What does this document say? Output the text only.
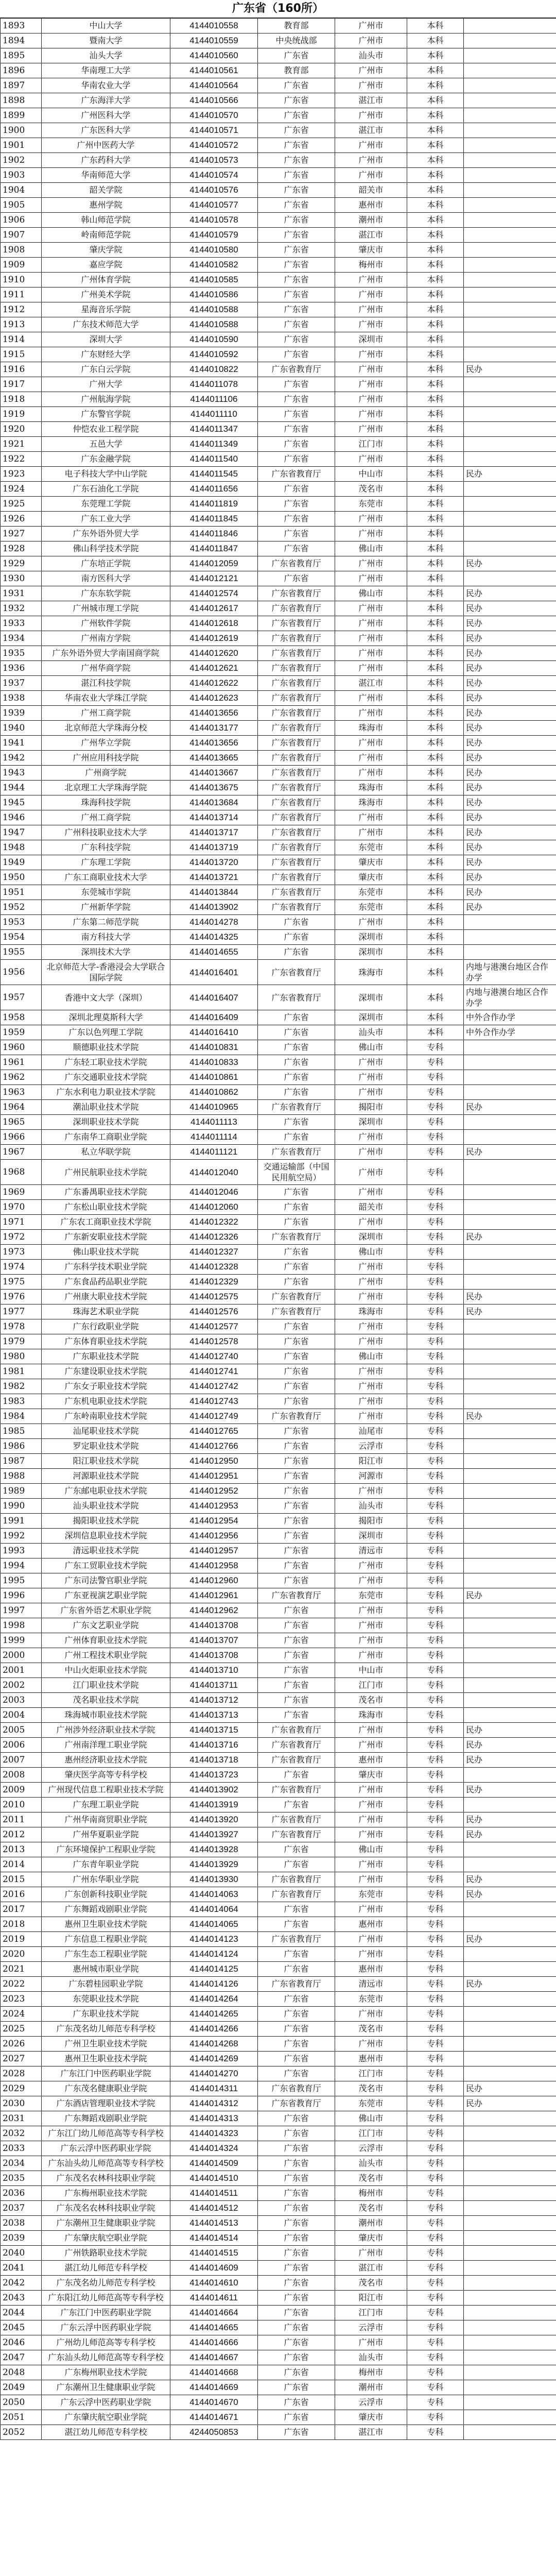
广东省（160所）
1893	中山大学	4144010558	教育部	广州市	本科	
1894	暨南大学	4144010559	中央统战部	广州市	本科	
1895	汕头大学	4144010560	广东省	汕头市	本科	
1896	华南理工大学	4144010561	教育部	广州市	本科	
1897	华南农业大学	4144010564	广东省	广州市	本科	
1898	广东海洋大学	4144010566	广东省	湛江市	本科	
1899	广州医科大学	4144010570	广东省	广州市	本科	
1900	广东医科大学	4144010571	广东省	湛江市	本科	
1901	广州中医药大学	4144010572	广东省	广州市	本科	
1902	广东药科大学	4144010573	广东省	广州市	本科	
1903	华南师范大学	4144010574	广东省	广州市	本科	
1904	韶关学院	4144010576	广东省	韶关市	本科	
1905	惠州学院	4144010577	广东省	惠州市	本科	
1906	韩山师范学院	4144010578	广东省	潮州市	本科	
1907	岭南师范学院	4144010579	广东省	湛江市	本科	
1908	肇庆学院	4144010580	广东省	肇庆市	本科	
1909	嘉应学院	4144010582	广东省	梅州市	本科	
1910	广州体育学院	4144010585	广东省	广州市	本科	
1911	广州美术学院	4144010586	广东省	广州市	本科	
1912	星海音乐学院	4144010588	广东省	广州市	本科	
1913	广东技术师范大学	4144010588	广东省	广州市	本科	
1914	深圳大学	4144010590	广东省	深圳市	本科	
1915	广东财经大学	4144010592	广东省	广州市	本科	
1916	广东白云学院	4144010822	广东省教育厅	广州市	本科	民办
1917	广州大学	4144011078	广东省	广州市	本科	
1918	广州航海学院	4144011106	广东省	广州市	本科	
1919	广东警官学院	4144011110	广东省	广州市	本科	
1920	仲恺农业工程学院	4144011347	广东省	广州市	本科	
1921	五邑大学	4144011349	广东省	江门市	本科	
1922	广东金融学院	4144011540	广东省	广州市	本科	
1923	电子科技大学中山学院	4144011545	广东省教育厅	中山市	本科	民办
1924	广东石油化工学院	4144011656	广东省	茂名市	本科	
1925	东莞理工学院	4144011819	广东省	东莞市	本科	
1926	广东工业大学	4144011845	广东省	广州市	本科	
1927	广东外语外贸大学	4144011846	广东省	广州市	本科	
1928	佛山科学技术学院	4144011847	广东省	佛山市	本科	
1929	广东培正学院	4144012059	广东省教育厅	广州市	本科	民办
1930	南方医科大学	4144012121	广东省	广州市	本科	
1931	广东东软学院	4144012574	广东省教育厅	佛山市	本科	民办
1932	广州城市理工学院	4144012617	广东省教育厅	广州市	本科	民办
1933	广州软件学院	4144012618	广东省教育厅	广州市	本科	民办
1934	广州南方学院	4144012619	广东省教育厅	广州市	本科	民办
1935	广东外语外贸大学南国商学院	4144012620	广东省教育厅	广州市	本科	民办
1936	广州华商学院	4144012621	广东省教育厅	广州市	本科	民办
1937	湛江科技学院	4144012622	广东省教育厅	湛江市	本科	民办
1938	华南农业大学珠江学院	4144012623	广东省教育厅	广州市	本科	民办
1939	广州工商学院	4144013656	广东省教育厅	广州市	本科	民办
1940	北京师范大学珠海分校	4144013177	广东省教育厅	珠海市	本科	民办
1941	广州华立学院	4144013656	广东省教育厅	广州市	本科	民办
1942	广州应用科技学院	4144013665	广东省教育厅	广州市	本科	民办
1943	广州商学院	4144013667	广东省教育厅	广州市	本科	民办
1944	北京理工大学珠海学院	4144013675	广东省教育厅	珠海市	本科	民办
1945	珠海科技学院	4144013684	广东省教育厅	珠海市	本科	民办
1946	广州工商学院	4144013714	广东省教育厅	广州市	本科	民办
1947	广州科技职业技术大学	4144013717	广东省教育厅	广州市	本科	民办
1948	广东科技学院	4144013719	广东省教育厅	东莞市	本科	民办
1949	广东理工学院	4144013720	广东省教育厅	肇庆市	本科	民办
1950	广东工商职业技术大学	4144013721	广东省教育厅	肇庆市	本科	民办
1951	东莞城市学院	4144013844	广东省教育厅	东莞市	本科	民办
1952	广州新华学院	4144013902	广东省教育厅	东莞市	本科	民办
1953	广东第二师范学院	4144014278	广东省	广州市	本科	
1954	南方科技大学	4144014325	广东省	深圳市	本科	
1955	深圳技术大学	4144014655	广东省	深圳市	本科	
1956	北京师范大学-香港浸会大学联合国际学院	4144016401	广东省教育厅	珠海市	本科	内地与港澳台地区合作办学
1957	香港中文大学（深圳）	4144016407	广东省教育厅	深圳市	本科	内地与港澳台地区合作办学
1958	深圳北理莫斯科大学	4144016409	广东省	深圳市	本科	中外合作办学
1959	广东以色列理工学院	4144016410	广东省	汕头市	本科	中外合作办学
1960	顺德职业技术学院	4144010831	广东省	佛山市	专科	
1961	广东轻工职业技术学院	4144010833	广东省	广州市	专科	
1962	广东交通职业技术学院	4144010861	广东省	广州市	专科	
1963	广东水利电力职业技术学院	4144010862	广东省	广州市	专科	
1964	潮汕职业技术学院	4144010965	广东省教育厅	揭阳市	专科	民办
1965	深圳职业技术学院	4144011113	广东省	深圳市	专科	
1966	广东南华工商职业学院	4144011114	广东省	广州市	专科	
1967	私立华联学院	4144011121	广东省教育厅	广州市	专科	民办
1968	广州民航职业技术学院	4144012040	交通运输部（中国民用航空局）	广州市	专科	
1969	广东番禺职业技术学院	4144012046	广东省	广州市	专科	
1970	广东松山职业技术学院	4144012060	广东省	韶关市	专科	
1971	广东农工商职业技术学院	4144012322	广东省	广州市	专科	
1972	广东新安职业技术学院	4144012326	广东省教育厅	深圳市	专科	民办
1973	佛山职业技术学院	4144012327	广东省	佛山市	专科	
1974	广东科学技术职业学院	4144012328	广东省	广州市	专科	
1975	广东食品药品职业学院	4144012329	广东省	广州市	专科	
1976	广州康大职业技术学院	4144012575	广东省教育厅	广州市	专科	民办
1977	珠海艺术职业学院	4144012576	广东省教育厅	珠海市	专科	民办
1978	广东行政职业学院	4144012577	广东省	广州市	专科	
1979	广东体育职业技术学院	4144012578	广东省	广州市	专科	
1980	广东职业技术学院	4144012740	广东省	佛山市	专科	
1981	广东建设职业技术学院	4144012741	广东省	广州市	专科	
1982	广东女子职业技术学院	4144012742	广东省	广州市	专科	
1983	广东机电职业技术学院	4144012743	广东省	广州市	专科	
1984	广东岭南职业技术学院	4144012749	广东省教育厅	广州市	专科	民办
1985	汕尾职业技术学院	4144012765	广东省	汕尾市	专科	
1986	罗定职业技术学院	4144012766	广东省	云浮市	专科	
1987	阳江职业技术学院	4144012950	广东省	阳江市	专科	
1988	河源职业技术学院	4144012951	广东省	河源市	专科	
1989	广东邮电职业技术学院	4144012952	广东省	广州市	专科	
1990	汕头职业技术学院	4144012953	广东省	汕头市	专科	
1991	揭阳职业技术学院	4144012954	广东省	揭阳市	专科	
1992	深圳信息职业技术学院	4144012956	广东省	深圳市	专科	
1993	清远职业技术学院	4144012957	广东省	清远市	专科	
1994	广东工贸职业技术学院	4144012958	广东省	广州市	专科	
1995	广东司法警官职业学院	4144012960	广东省	广州市	专科	
1996	广东亚视演艺职业学院	4144012961	广东省教育厅	东莞市	专科	民办
1997	广东省外语艺术职业学院	4144012962	广东省	广州市	专科	
1998	广东文艺职业学院	4144013708	广东省	广州市	专科	
1999	广州体育职业技术学院	4144013707	广东省	广州市	专科	
2000	广州工程技术职业学院	4144013708	广东省	广州市	专科	
2001	中山火炬职业技术学院	4144013710	广东省	中山市	专科	
2002	江门职业技术学院	4144013711	广东省	江门市	专科	
2003	茂名职业技术学院	4144013712	广东省	茂名市	专科	
2004	珠海城市职业技术学院	4144013713	广东省	珠海市	专科	
2005	广州涉外经济职业技术学院	4144013715	广东省教育厅	广州市	专科	民办
2006	广州南洋理工职业学院	4144013716	广东省教育厅	广州市	专科	民办
2007	惠州经济职业技术学院	4144013718	广东省教育厅	惠州市	专科	民办
2008	肇庆医学高等专科学校	4144013723	广东省	肇庆市	专科	
2009	广州现代信息工程职业技术学院	4144013902	广东省教育厅	广州市	专科	民办
2010	广东理工职业学院	4144013919	广东省	广州市	专科	
2011	广州华南商贸职业学院	4144013920	广东省教育厅	广州市	专科	民办
2012	广州华夏职业学院	4144013927	广东省教育厅	广州市	专科	民办
2013	广东环境保护工程职业学院	4144013928	广东省	佛山市	专科	
2014	广东青年职业学院	4144013929	广东省	广州市	专科	
2015	广州东华职业学院	4144013930	广东省教育厅	广州市	专科	民办
2016	广东创新科技职业学院	4144014063	广东省教育厅	东莞市	专科	民办
2017	广东舞蹈戏剧职业学院	4144014064	广东省	广州市	专科	
2018	惠州卫生职业技术学院	4144014065	广东省	惠州市	专科	
2019	广东信息工程职业学院	4144014123	广东省教育厅	广州市	专科	民办
2020	广东生态工程职业学院	4144014124	广东省	广州市	专科	
2021	惠州城市职业学院	4144014125	广东省	惠州市	专科	
2022	广东碧桂园职业学院	4144014126	广东省教育厅	清远市	专科	民办
2023	东莞职业技术学院	4144014264	广东省	东莞市	专科	
2024	广东职业技术学院	4144014265	广东省	广州市	专科	
2025	广东茂名幼儿师范专科学校	4144014266	广东省	茂名市	专科	
2026	广州卫生职业技术学院	4144014268	广东省	广州市	专科	
2027	惠州卫生职业技术学院	4144014269	广东省	惠州市	专科	
2028	广东江门中医药职业学院	4144014270	广东省	江门市	专科	
2029	广东茂名健康职业学院	4144014311	广东省教育厅	茂名市	专科	民办
2030	广东酒店管理职业技术学院	4144014312	广东省教育厅	东莞市	专科	民办
2031	广东舞蹈戏剧职业学院	4144014313	广东省	佛山市	专科	
2032	广东江门幼儿师范高等专科学校	4144014323	广东省	江门市	专科	
2033	广东云浮中医药职业学院	4144014324	广东省	云浮市	专科	
2034	广东汕头幼儿师范高等专科学校	4144014509	广东省	汕头市	专科	
2035	广东茂名农林科技职业学院	4144014510	广东省	茂名市	专科	
2036	广东梅州职业技术学院	4144014511	广东省	梅州市	专科	
2037	广东茂名农林科技职业学院	4144014512	广东省	茂名市	专科	
2038	广东潮州卫生健康职业学院	4144014513	广东省	潮州市	专科	
2039	广东肇庆航空职业学院	4144014514	广东省	肇庆市	专科	
2040	广州铁路职业技术学院	4144014515	广东省	广州市	专科	
2041	湛江幼儿师范专科学校	4144014609	广东省	湛江市	专科	
2042	广东茂名幼儿师范专科学校	4144014610	广东省	茂名市	专科	
2043	广东阳江幼儿师范高等专科学校	4144014611	广东省	阳江市	专科	
2044	广东江门中医药职业学院	4144014664	广东省	江门市	专科	
2045	广东云浮中医药职业学院	4144014665	广东省	云浮市	专科	
2046	广州幼儿师范高等专科学校	4144014666	广东省	广州市	专科	
2047	广东汕头幼儿师范高等专科学校	4144014667	广东省	汕头市	专科	
2048	广东梅州职业技术学院	4144014668	广东省	梅州市	专科	
2049	广东潮州卫生健康职业学院	4144014669	广东省	潮州市	专科	
2050	广东云浮中医药职业学院	4144014670	广东省	云浮市	专科	
2051	广东肇庆航空职业学院	4144014671	广东省	肇庆市	专科	
2052	湛江幼儿师范专科学校	4244050853	广东省	湛江市	专科	
